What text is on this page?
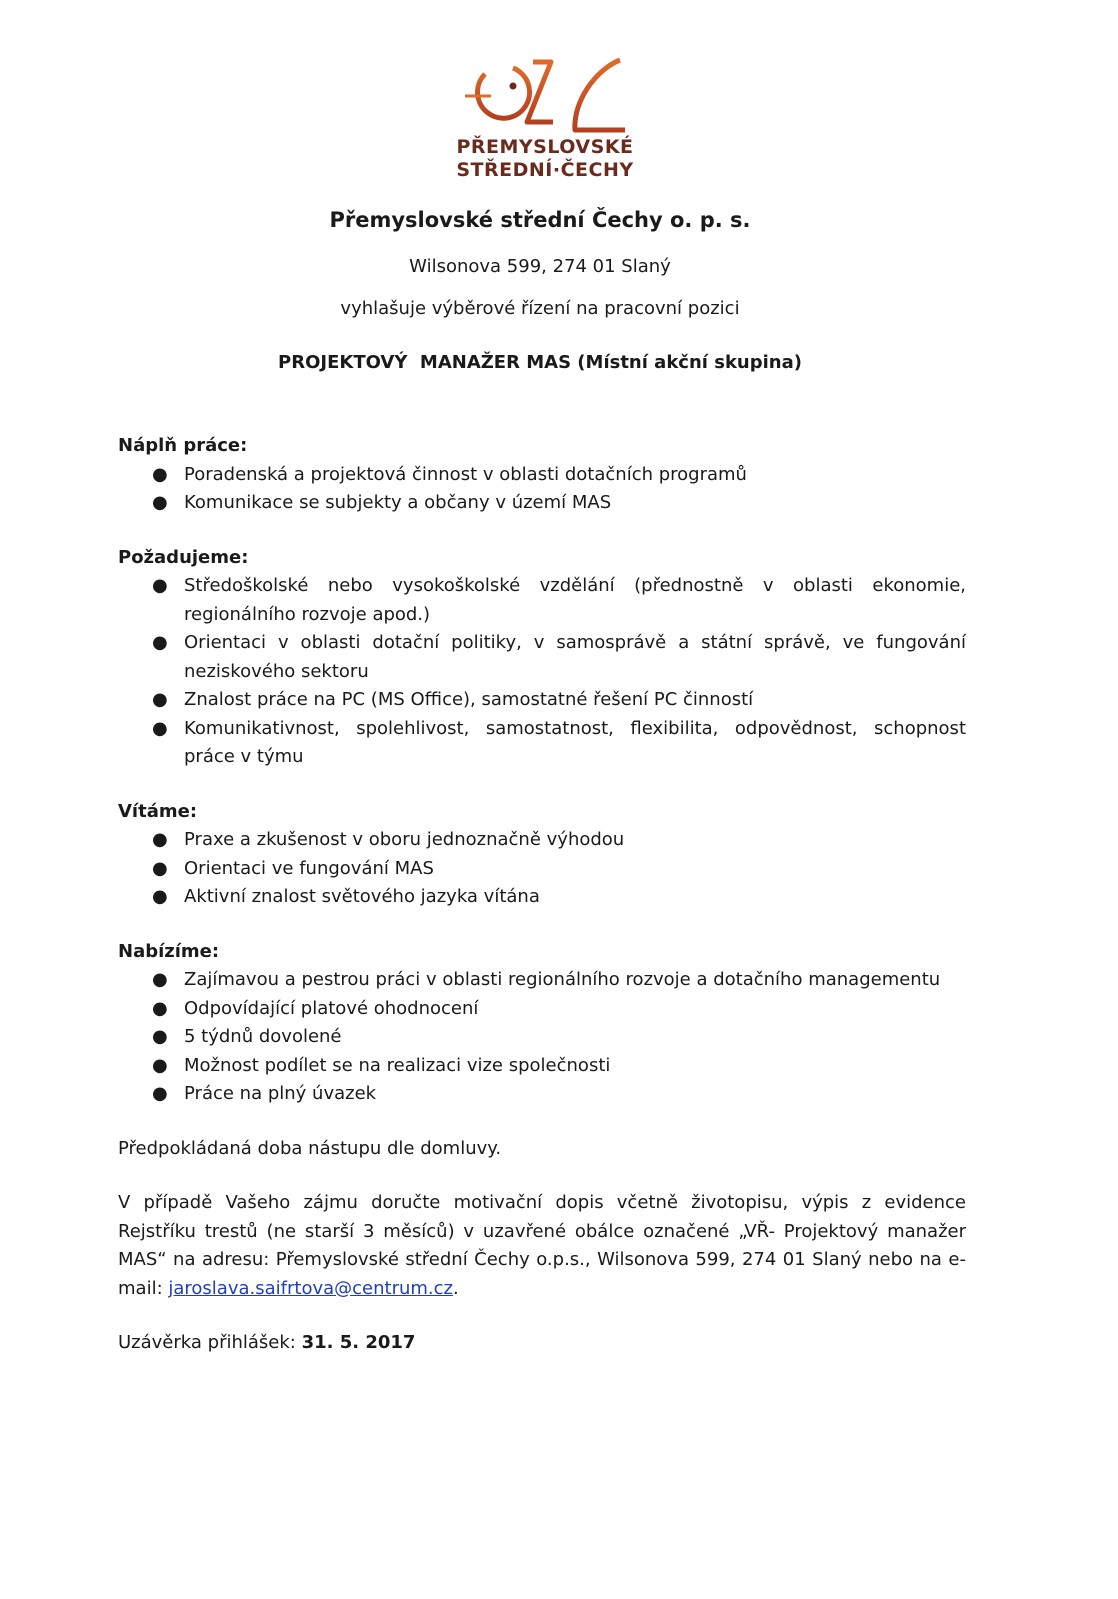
PŘEMYSLOVSKÉ
STŘEDNÍ·ČECHY
Přemyslovské střední Čechy o. p. s.
Wilsonova 599, 274 01 Slaný
vyhlašuje výběrové řízení na pracovní pozici
PROJEKTOVÝ  MANAŽER MAS (Místní akční skupina)
Náplň práce:
● Poradenská a projektová činnost v oblasti dotačních programů
● Komunikace se subjekty a občany v území MAS
Požadujeme:
● Středoškolské nebo vysokoškolské vzdělání (přednostně v oblasti ekonomie, regionálního rozvoje apod.)
● Orientaci v oblasti dotační politiky, v samosprávě a státní správě, ve fungování neziskového sektoru
● Znalost práce na PC (MS Office), samostatné řešení PC činností
● Komunikativnost, spolehlivost, samostatnost, flexibilita, odpovědnost, schopnost práce v týmu
Vítáme:
● Praxe a zkušenost v oboru jednoznačně výhodou
● Orientaci ve fungování MAS
● Aktivní znalost světového jazyka vítána
Nabízíme:
● Zajímavou a pestrou práci v oblasti regionálního rozvoje a dotačního managementu
● Odpovídající platové ohodnocení
● 5 týdnů dovolené
● Možnost podílet se na realizaci vize společnosti
● Práce na plný úvazek
Předpokládaná doba nástupu dle domluvy.
V případě Vašeho zájmu doručte motivační dopis včetně životopisu, výpis z evidence Rejstříku trestů (ne starší 3 měsíců) v uzavřené obálce označené „VŘ- Projektový manažer MAS“ na adresu: Přemyslovské střední Čechy o.p.s., Wilsonova 599, 274 01 Slaný nebo na e-mail: jaroslava.saifrtova@centrum.cz.
Uzávěrka přihlášek: 31. 5. 2017
